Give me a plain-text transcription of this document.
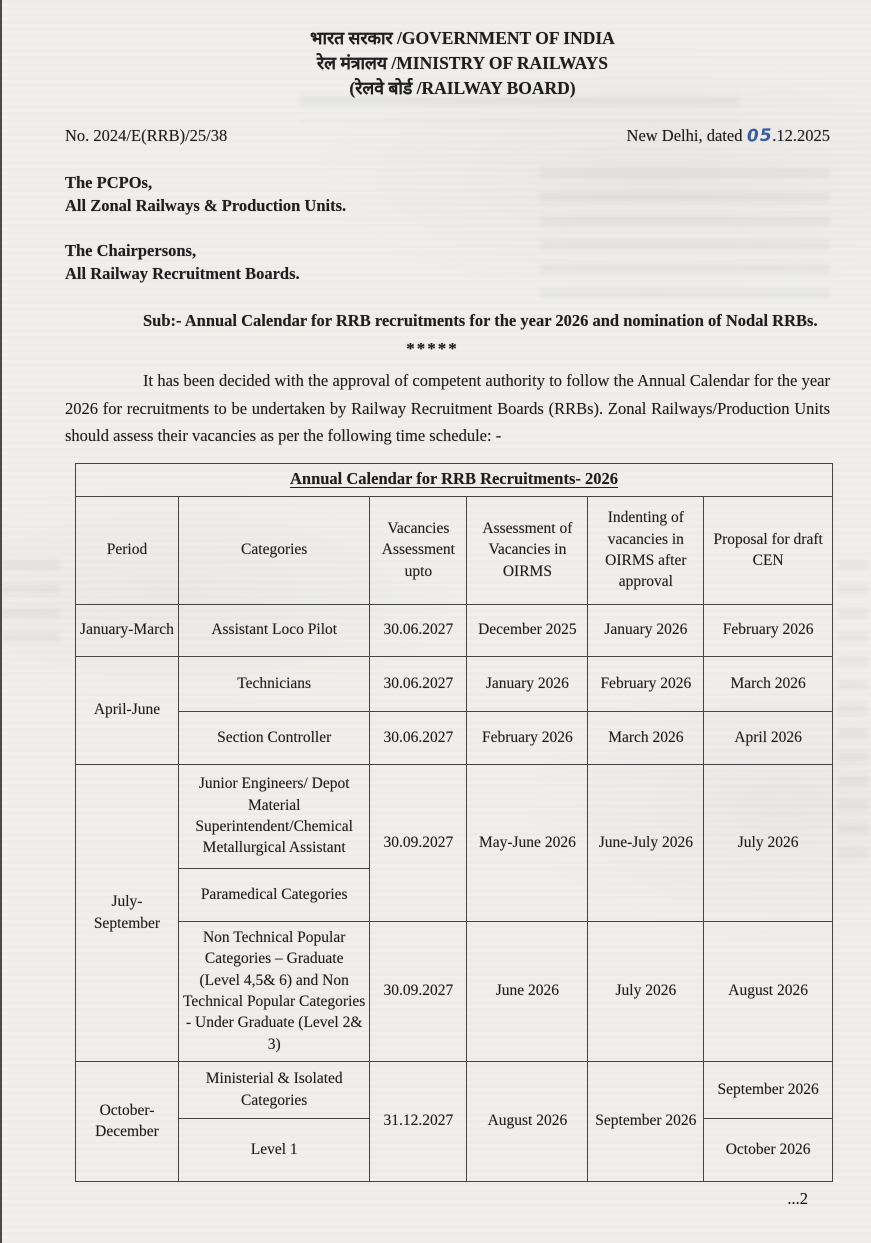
भारत सरकार /GOVERNMENT OF INDIA
रेल मंत्रालय /MINISTRY OF RAILWAYS
(रेलवे बोर्ड /RAILWAY BOARD)
No. 2024/E(RRB)/25/38	New Delhi, dated 05.12.2025
The PCPOs,
All Zonal Railways & Production Units.
The Chairpersons,
All Railway Recruitment Boards.
Sub:- Annual Calendar for RRB recruitments for the year 2026 and nomination of Nodal RRBs.
*****

It has been decided with the approval of competent authority to follow the Annual Calendar for the year 2026 for recruitments to be undertaken by Railway Recruitment Boards (RRBs). Zonal Railways/Production Units should assess their vacancies as per the following time schedule: -

Annual Calendar for RRB Recruitments- 2026					
Period	Categories	Vacancies Assessment upto	Assessment of Vacancies in OIRMS	Indenting of vacancies in OIRMS after approval	Proposal for draft CEN
January-March	Assistant Loco Pilot	30.06.2027	December 2025	January 2026	February 2026
April-June	Technicians	30.06.2027	January 2026	February 2026	March 2026
	Section Controller	30.06.2027	February 2026	March 2026	April 2026
July-September	Junior Engineers/ Depot Material Superintendent/Chemical Metallurgical Assistant	30.09.2027	May-June 2026	June-July 2026	July 2026
	Paramedical Categories				
	Non Technical Popular Categories – Graduate (Level 4,5& 6) and Non Technical Popular Categories - Under Graduate (Level 2& 3)	30.09.2027	June 2026	July 2026	August 2026
October-December	Ministerial & Isolated Categories	31.12.2027	August 2026	September 2026	September 2026
	Level 1				October 2026
...2
